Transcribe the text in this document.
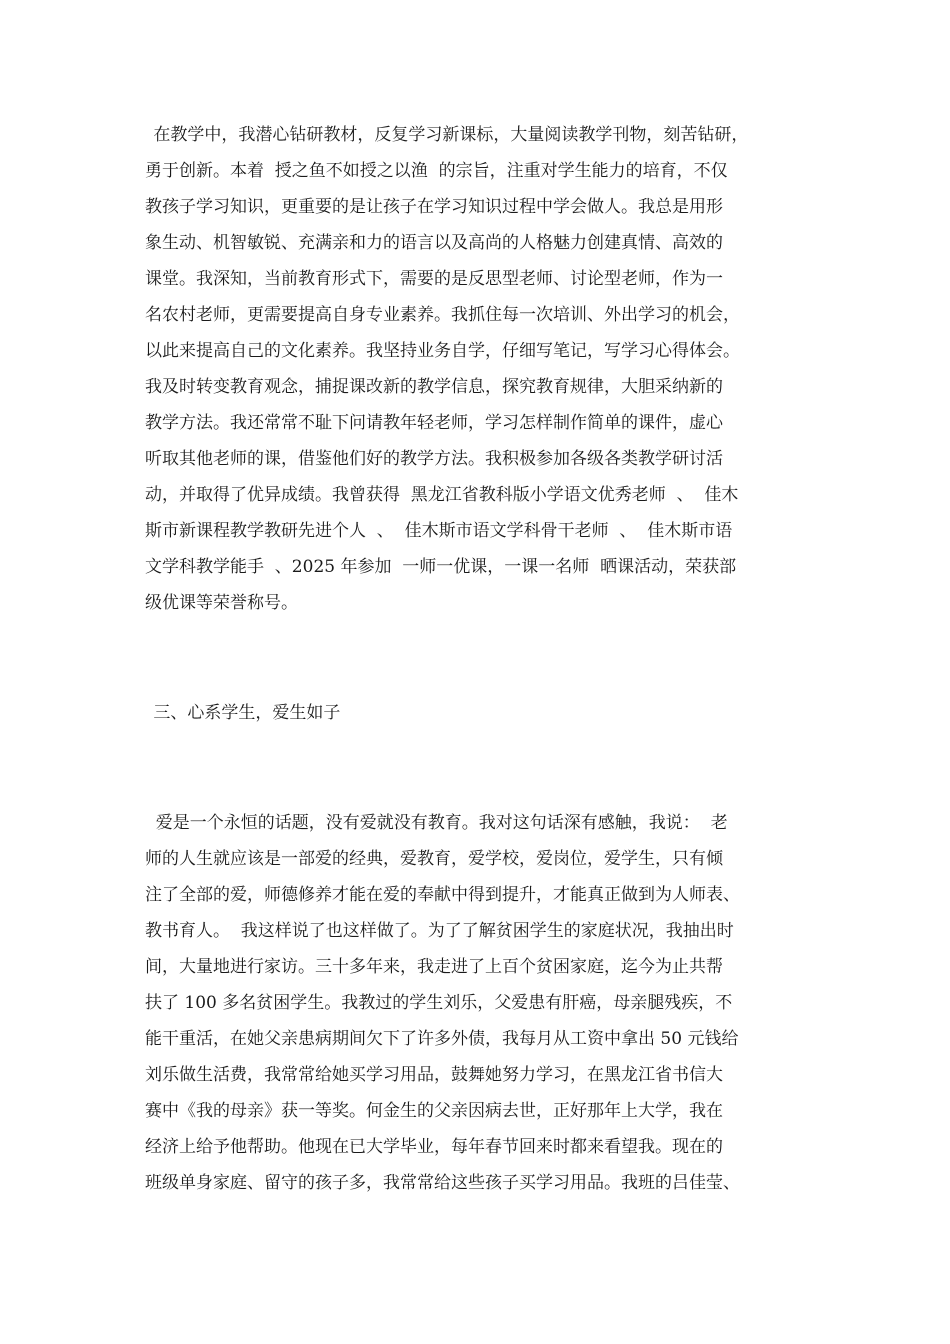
在教学中，我潜心钻研教材，反复学习新课标，大量阅读教学刊物，刻苦钻研，
勇于创新。本着  授之鱼不如授之以渔  的宗旨，注重对学生能力的培育，不仅
教孩子学习知识，更重要的是让孩子在学习知识过程中学会做人。我总是用形
象生动、机智敏锐、充满亲和力的语言以及高尚的人格魅力创建真情、高效的
课堂。我深知，当前教育形式下，需要的是反思型老师、讨论型老师，作为一
名农村老师，更需要提高自身专业素养。我抓住每一次培训、外出学习的机会，
以此来提高自己的文化素养。我坚持业务自学，仔细写笔记，写学习心得体会。
我及时转变教育观念，捕捉课改新的教学信息，探究教育规律，大胆采纳新的
教学方法。我还常常不耻下问请教年轻老师，学习怎样制作简单的课件，虚心
听取其他老师的课，借鉴他们好的教学方法。我积极参加各级各类教学研讨活
动，并取得了优异成绩。我曾获得  黑龙江省教科版小学语文优秀老师  、  佳木
斯市新课程教学教研先进个人  、  佳木斯市语文学科骨干老师  、  佳木斯市语
文学科教学能手  、2025 年参加  一师一优课，一课一名师  晒课活动，荣获部
级优课等荣誉称号。
三、心系学生，爱生如子
爱是一个永恒的话题，没有爱就没有教育。我对这句话深有感触，我说：  老
师的人生就应该是一部爱的经典，爱教育，爱学校，爱岗位，爱学生，只有倾
注了全部的爱，师德修养才能在爱的奉献中得到提升，才能真正做到为人师表、
教书育人。  我这样说了也这样做了。为了了解贫困学生的家庭状况，我抽出时
间，大量地进行家访。三十多年来，我走进了上百个贫困家庭，迄今为止共帮
扶了 100 多名贫困学生。我教过的学生刘乐，父爱患有肝癌，母亲腿残疾，不
能干重活，在她父亲患病期间欠下了许多外债，我每月从工资中拿出 50 元钱给
刘乐做生活费，我常常给她买学习用品，鼓舞她努力学习，在黑龙江省书信大
赛中《我的母亲》获一等奖。何金生的父亲因病去世，正好那年上大学，我在
经济上给予他帮助。他现在已大学毕业，每年春节回来时都来看望我。现在的
班级单身家庭、留守的孩子多，我常常给这些孩子买学习用品。我班的吕佳莹、
